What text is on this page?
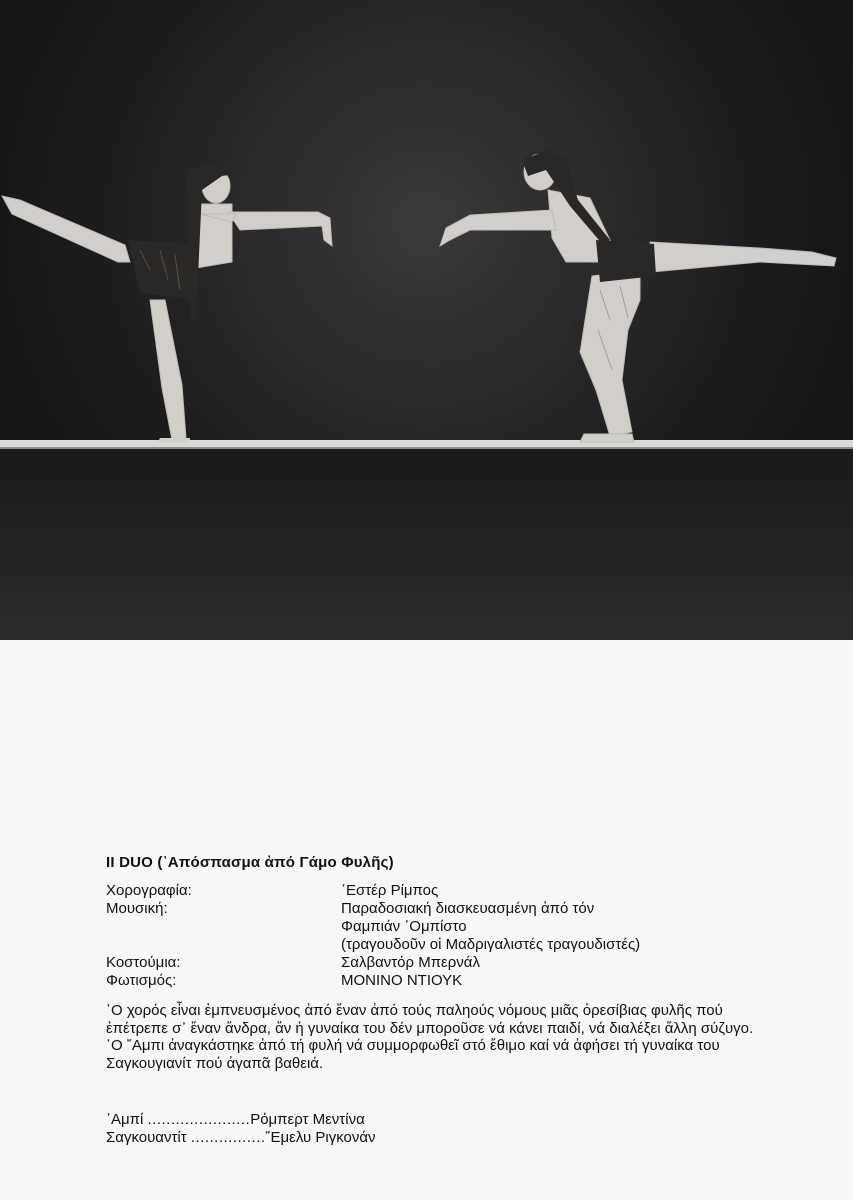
II DUO (᾿Απόσπασμα ἀπό Γάμο Φυλῆς)
Χορογραφία:	᾿Εστέρ Ρίμπος
Μουσική:	Παραδοσιακή διασκευασμένη ἀπό τόν
Φαμπιάν ᾿Ομπίστο
(τραγουδοῦν οἱ Μαδριγαλιστές τραγουδιστές)
Κοστούμια:	Σαλβαντόρ Μπερνάλ
Φωτισμός:	ΜΟΝΙΝΟ ΝΤΙΟΥΚ

῾Ο χορός εἶναι ἐμπνευσμένος ἀπό ἕναν ἀπό τούς παληούς νόμους μιᾶς ὀρεσίβιας φυλῆς πού ἐπέτρεπε σ᾿ ἕναν ἄνδρα, ἄν ἡ γυναίκα του δέν μποροῦσε νά κάνει παιδί, νά διαλέξει ἄλλη σύζυγο.

῾Ο ῎Αμπι ἀναγκάστηκε ἀπό τή φυλή νά συμμορφωθεῖ στό ἔθιμο καί νά ἀφήσει τή γυναίκα του Σαγκουγιανίτ πού ἀγαπᾶ βαθειά.

᾿Αμπί ......................Ρόμπερτ Μεντίνα
Σαγκουαντίτ ................῎Εμελυ Ριγκονάν
